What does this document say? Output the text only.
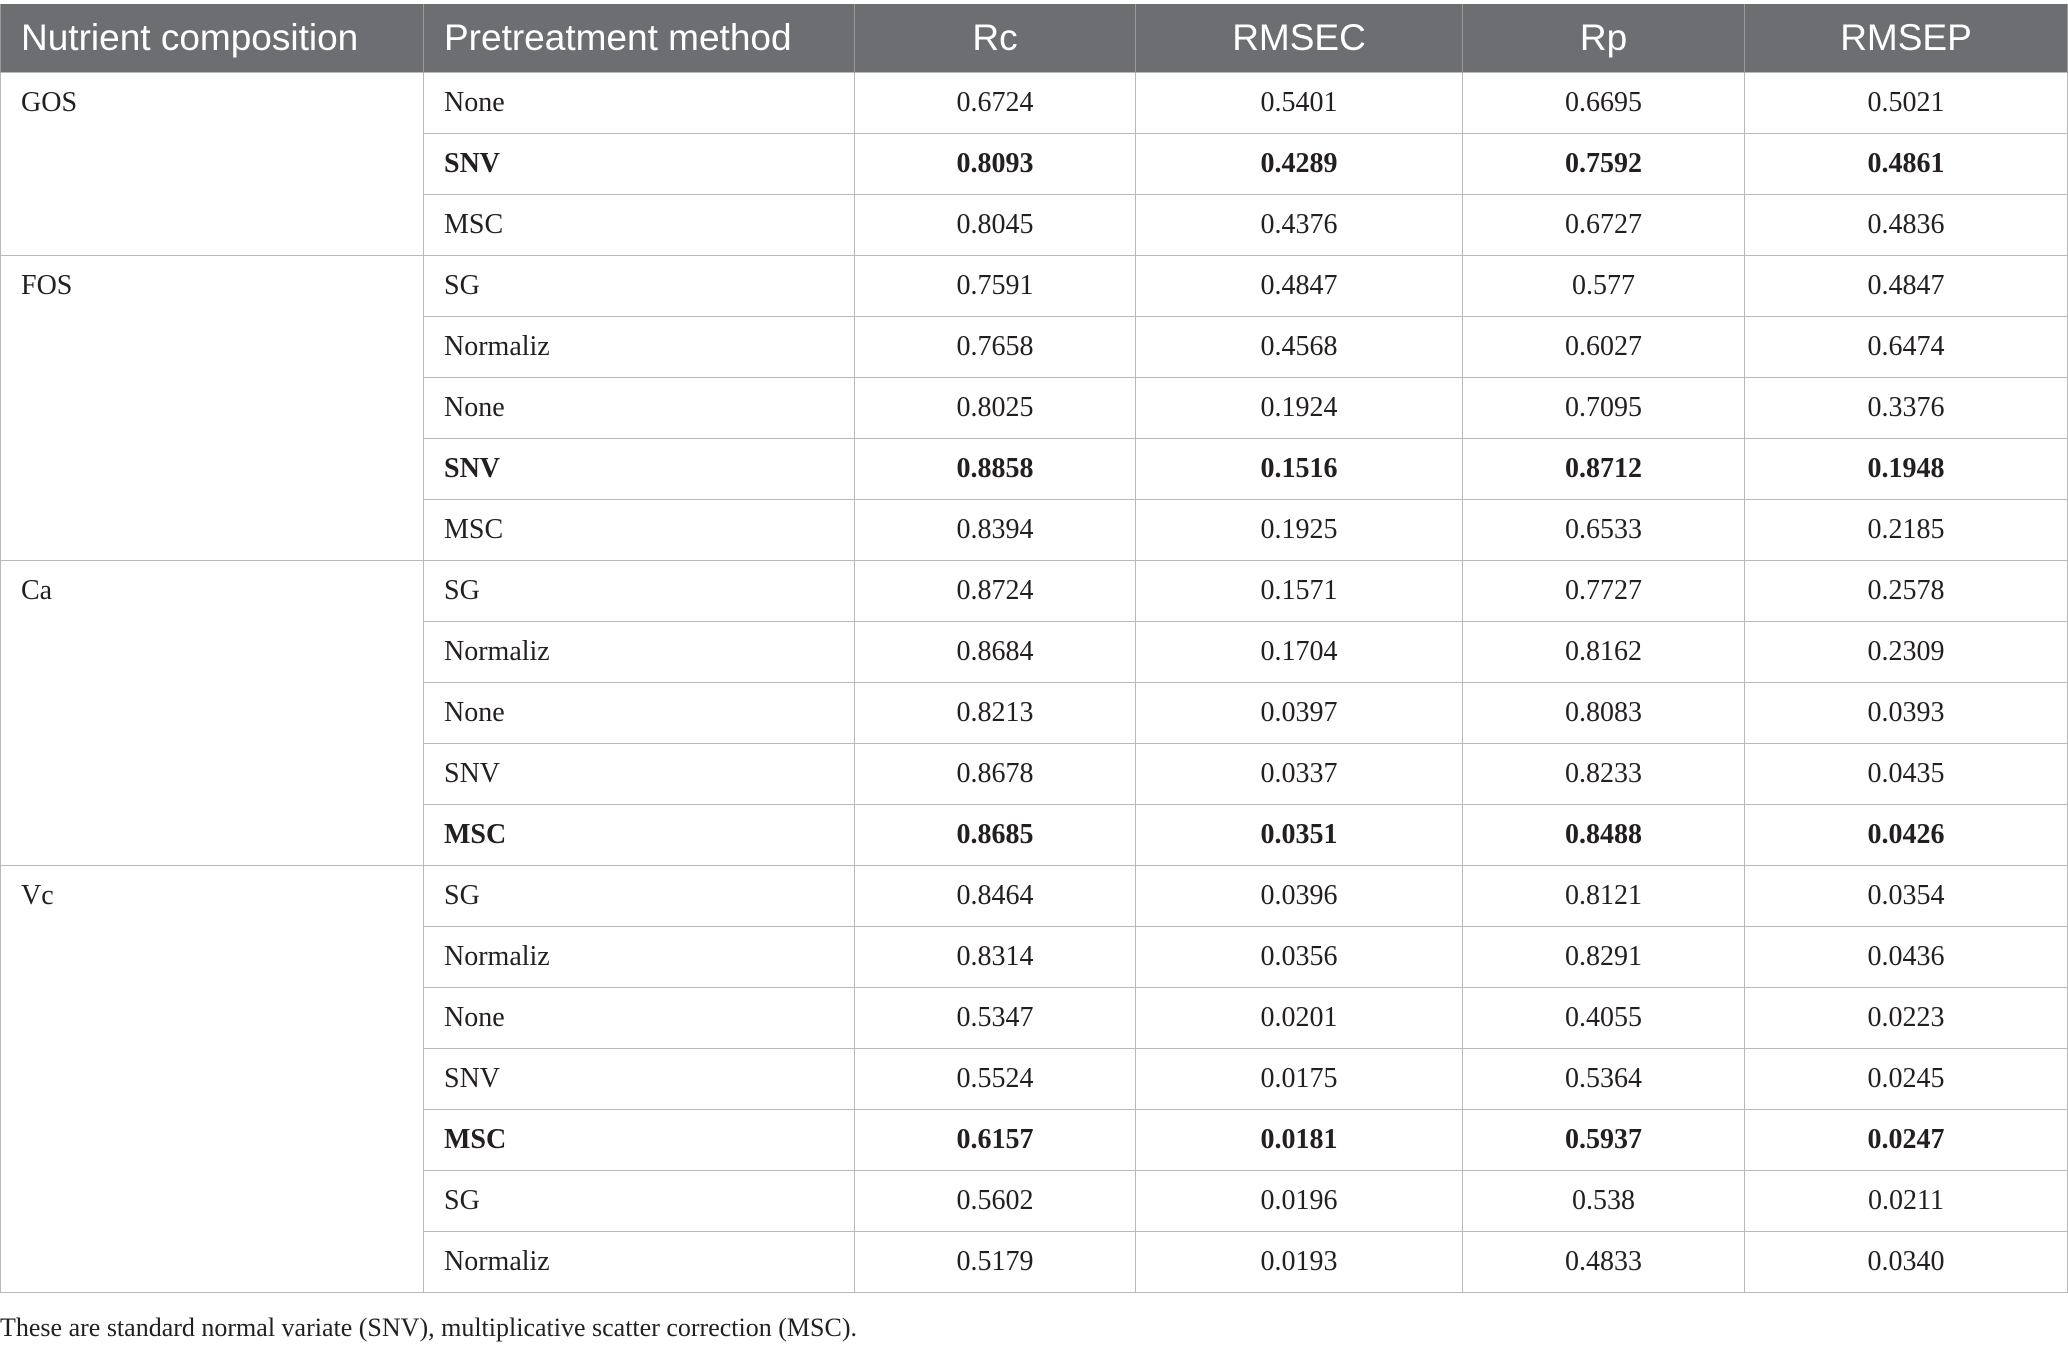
Nutrient composition	Pretreatment method	Rc	RMSEC	Rp	RMSEP
GOS	None	0.6724	0.5401	0.6695	0.5021
	SNV	0.8093	0.4289	0.7592	0.4861
	MSC	0.8045	0.4376	0.6727	0.4836
FOS	SG	0.7591	0.4847	0.577	0.4847
	Normaliz	0.7658	0.4568	0.6027	0.6474
	None	0.8025	0.1924	0.7095	0.3376
	SNV	0.8858	0.1516	0.8712	0.1948
	MSC	0.8394	0.1925	0.6533	0.2185
Ca	SG	0.8724	0.1571	0.7727	0.2578
	Normaliz	0.8684	0.1704	0.8162	0.2309
	None	0.8213	0.0397	0.8083	0.0393
	SNV	0.8678	0.0337	0.8233	0.0435
	MSC	0.8685	0.0351	0.8488	0.0426
Vc	SG	0.8464	0.0396	0.8121	0.0354
	Normaliz	0.8314	0.0356	0.8291	0.0436
	None	0.5347	0.0201	0.4055	0.0223
	SNV	0.5524	0.0175	0.5364	0.0245
	MSC	0.6157	0.0181	0.5937	0.0247
	SG	0.5602	0.0196	0.538	0.0211
	Normaliz	0.5179	0.0193	0.4833	0.0340
These are standard normal variate (SNV), multiplicative scatter correction (MSC).
